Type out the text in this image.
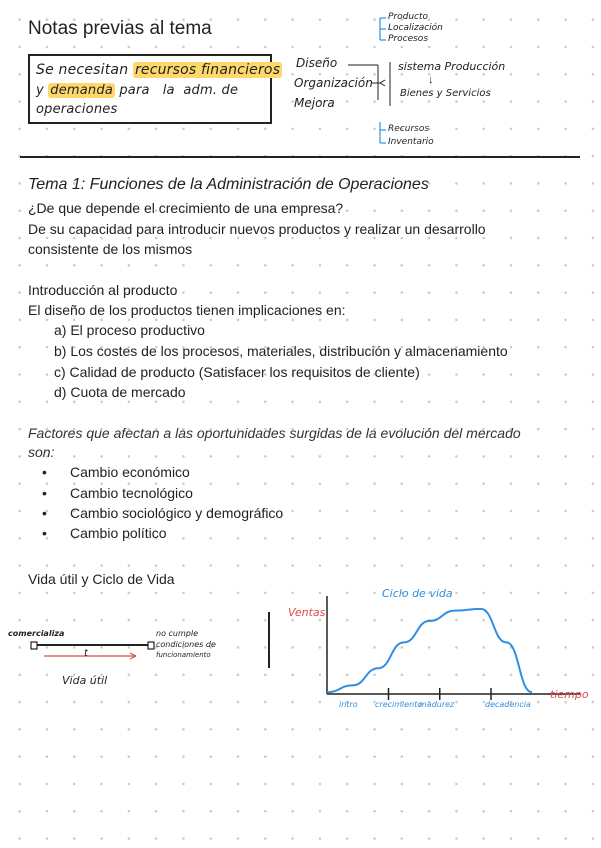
Notas previas al tema
Se necesitan recursos financieros
y demanda para la adm. de
operaciones
Diseño
Organización
Mejora
Producto
Localización
Procesos
Recursos
Inventario
sistema Producción
↓
Bienes y Servicios
Tema 1: Funciones de la Administración de Operaciones
¿De que depende el crecimiento de una empresa?
De su capacidad para introducir nuevos productos y realizar un desarrollo
consistente de los mismos
Introducción al producto
El diseño de los productos tienen implicaciones en:
a) El proceso productivo
b) Los costes de los procesos, materiales, distribución y almacenamiento
c) Calidad de producto (Satisfacer los requisitos de cliente)
d) Cuota de mercado
Factores que afectan a las oportunidades surgidas de la evolución del mercado
son:
• Cambio económico
• Cambio tecnológico
• Cambio sociológico y demográfico
• Cambio político
Vida útil y Ciclo de Vida
comercializa	no cumple
condiciones de
funcionamiento
t
Vida útil
Ciclo de vida
Ventas
tiempo
intro crecimiento
madurez	decadencia
